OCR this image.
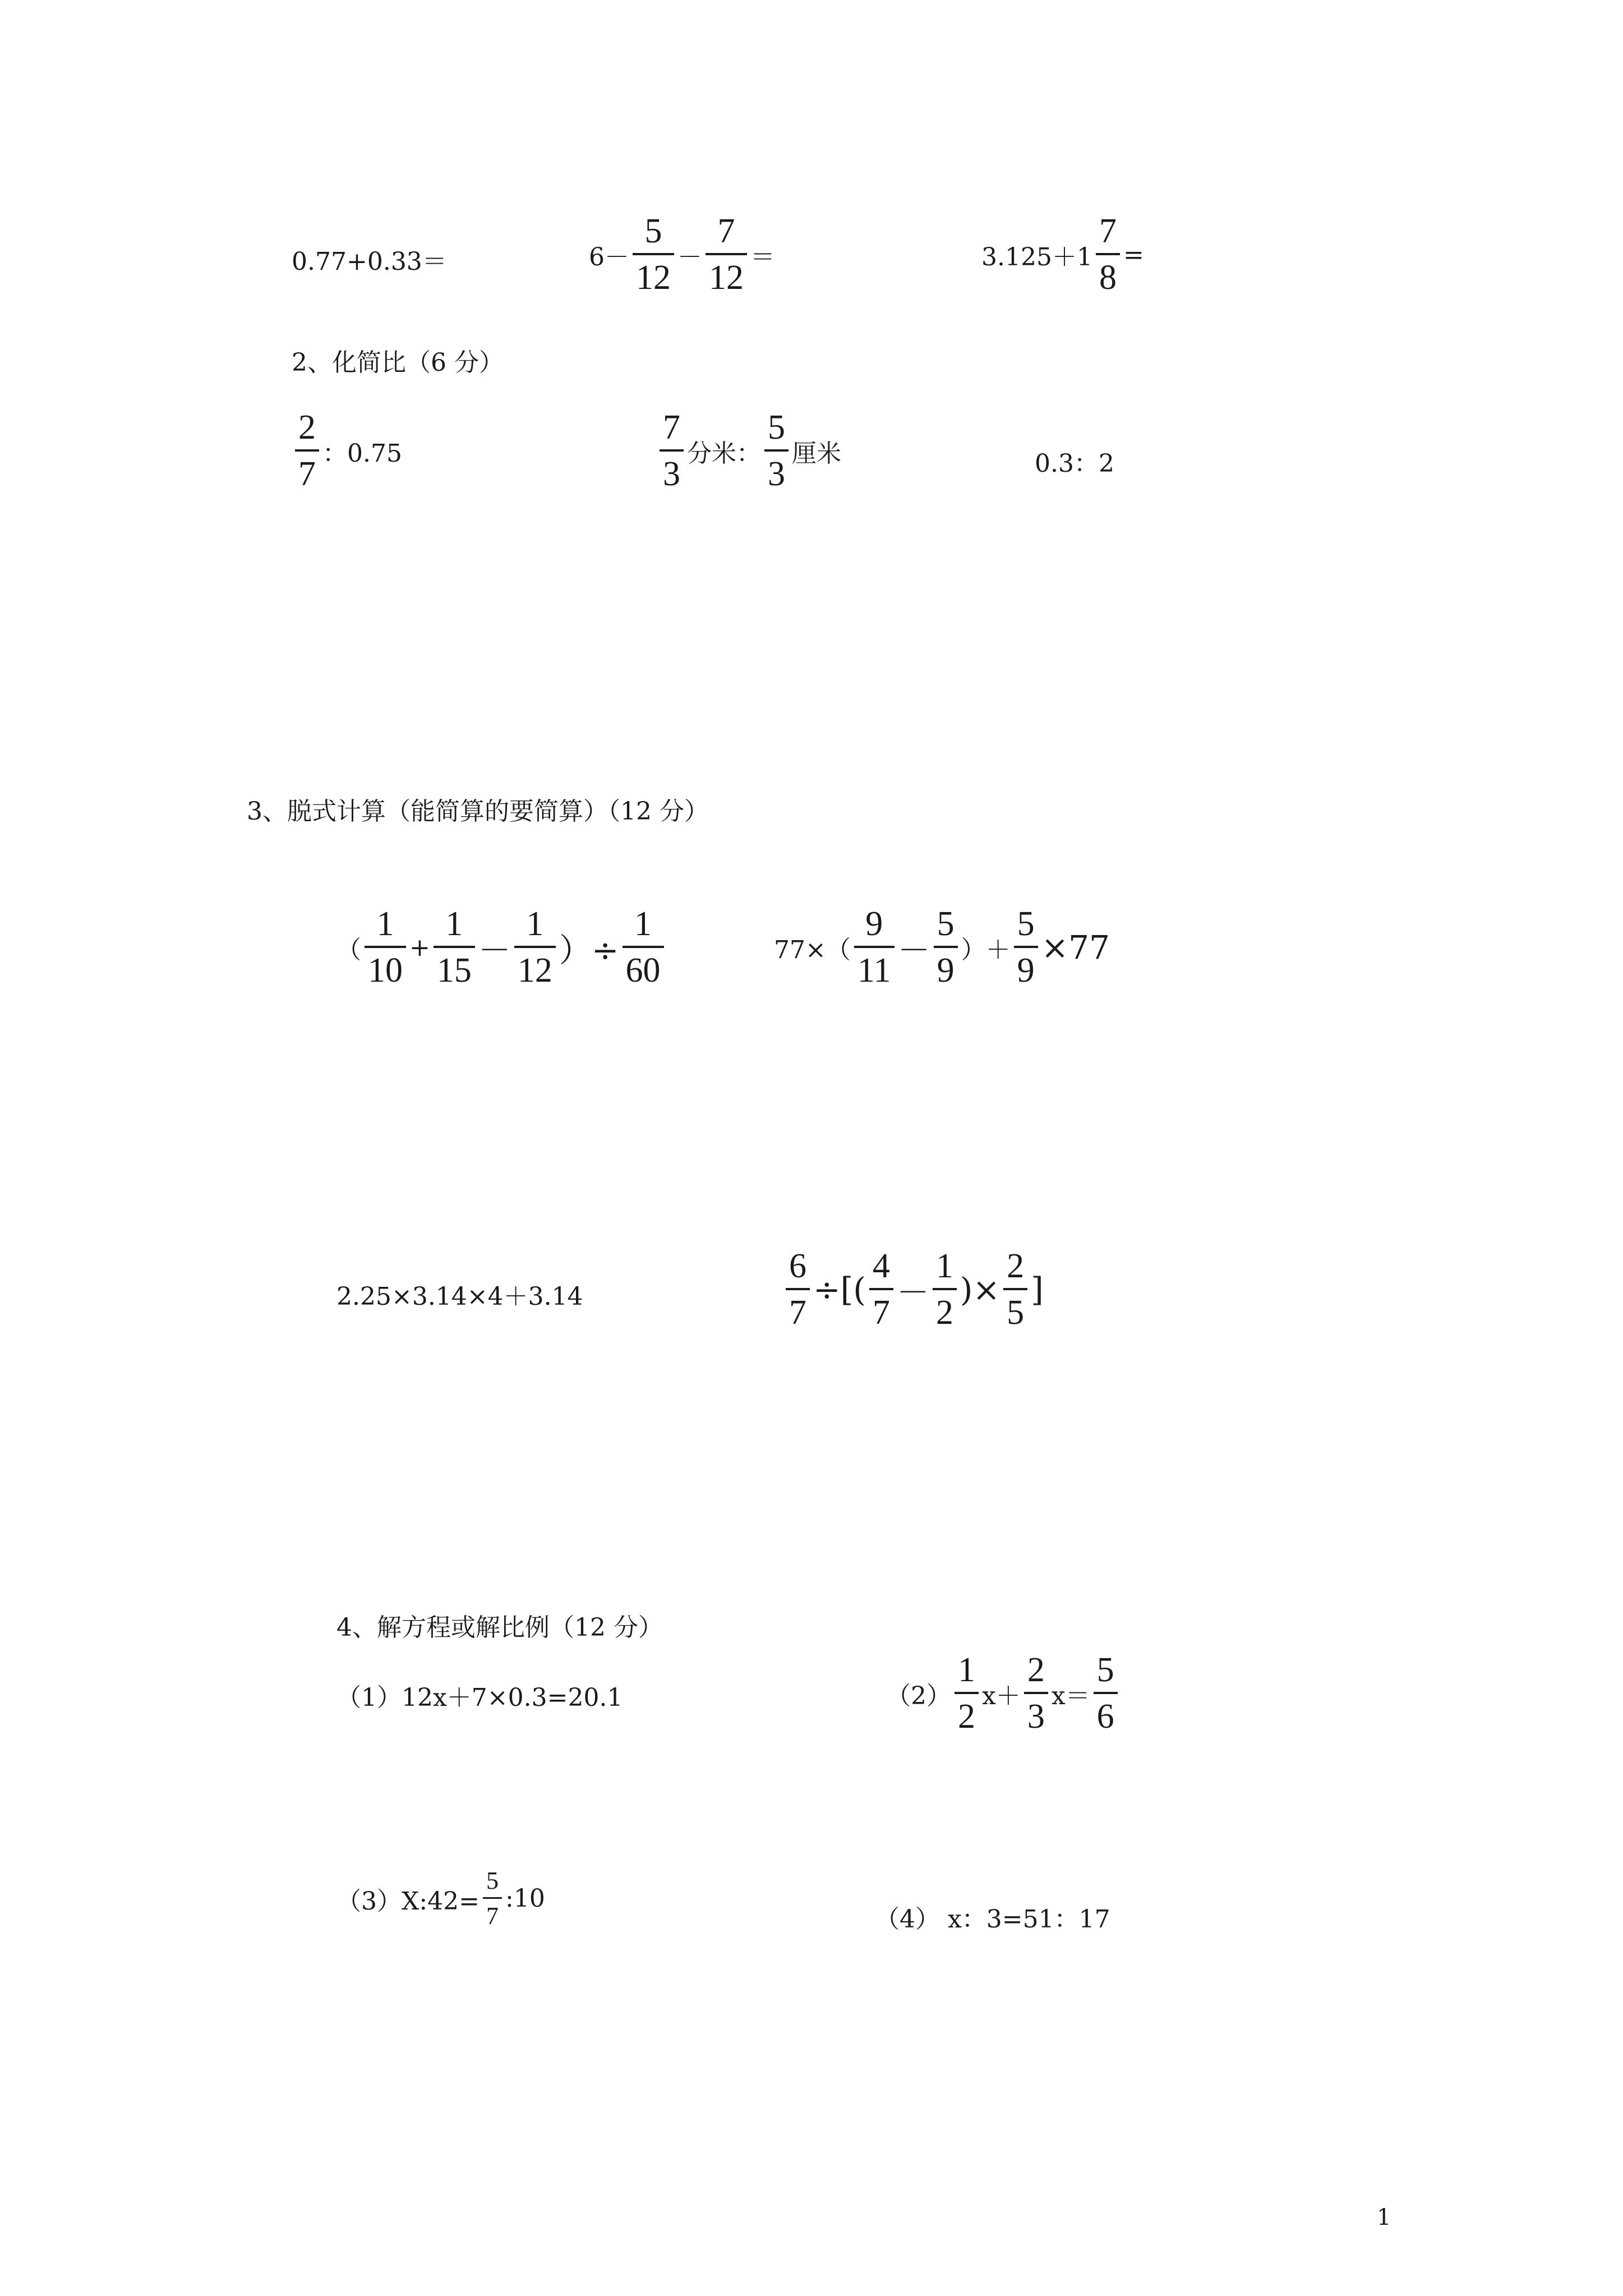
0.77+0.33＝	$6- \frac{5}{12} - \frac{7}{12}$ ＝	$3.125+1 \frac{7}{8}$ =
2、化简比（6 分）
$\frac{2}{7}$ ：0.75	$\frac{7}{3}$ 分米： $\frac{5}{3}$ 厘米	0.3：2
3、脱式计算（能简算的要简算）（12 分）
（ $\frac{1}{10} + \frac{1}{15} - \frac{1}{12}$ ）÷ $\frac{1}{60}$	$77\times( \frac{9}{11} - \frac{5}{9}$ ）＋ $\frac{5}{9} \times 77$
2.25×3.14×4＋3.14	$\frac{6}{7}$ ÷[( $\frac{4}{7} - \frac{1}{2}$ )× $\frac{2}{5}$ ]
4、解方程或解比例（12 分）
（1）12x＋7×0.3=20.1	$(2) \frac{1}{2} x+ \frac{2}{3} x= \frac{5}{6}$
（3）X:42= $\frac{5}{7}$ :10
（4） x：3=51：17
1
